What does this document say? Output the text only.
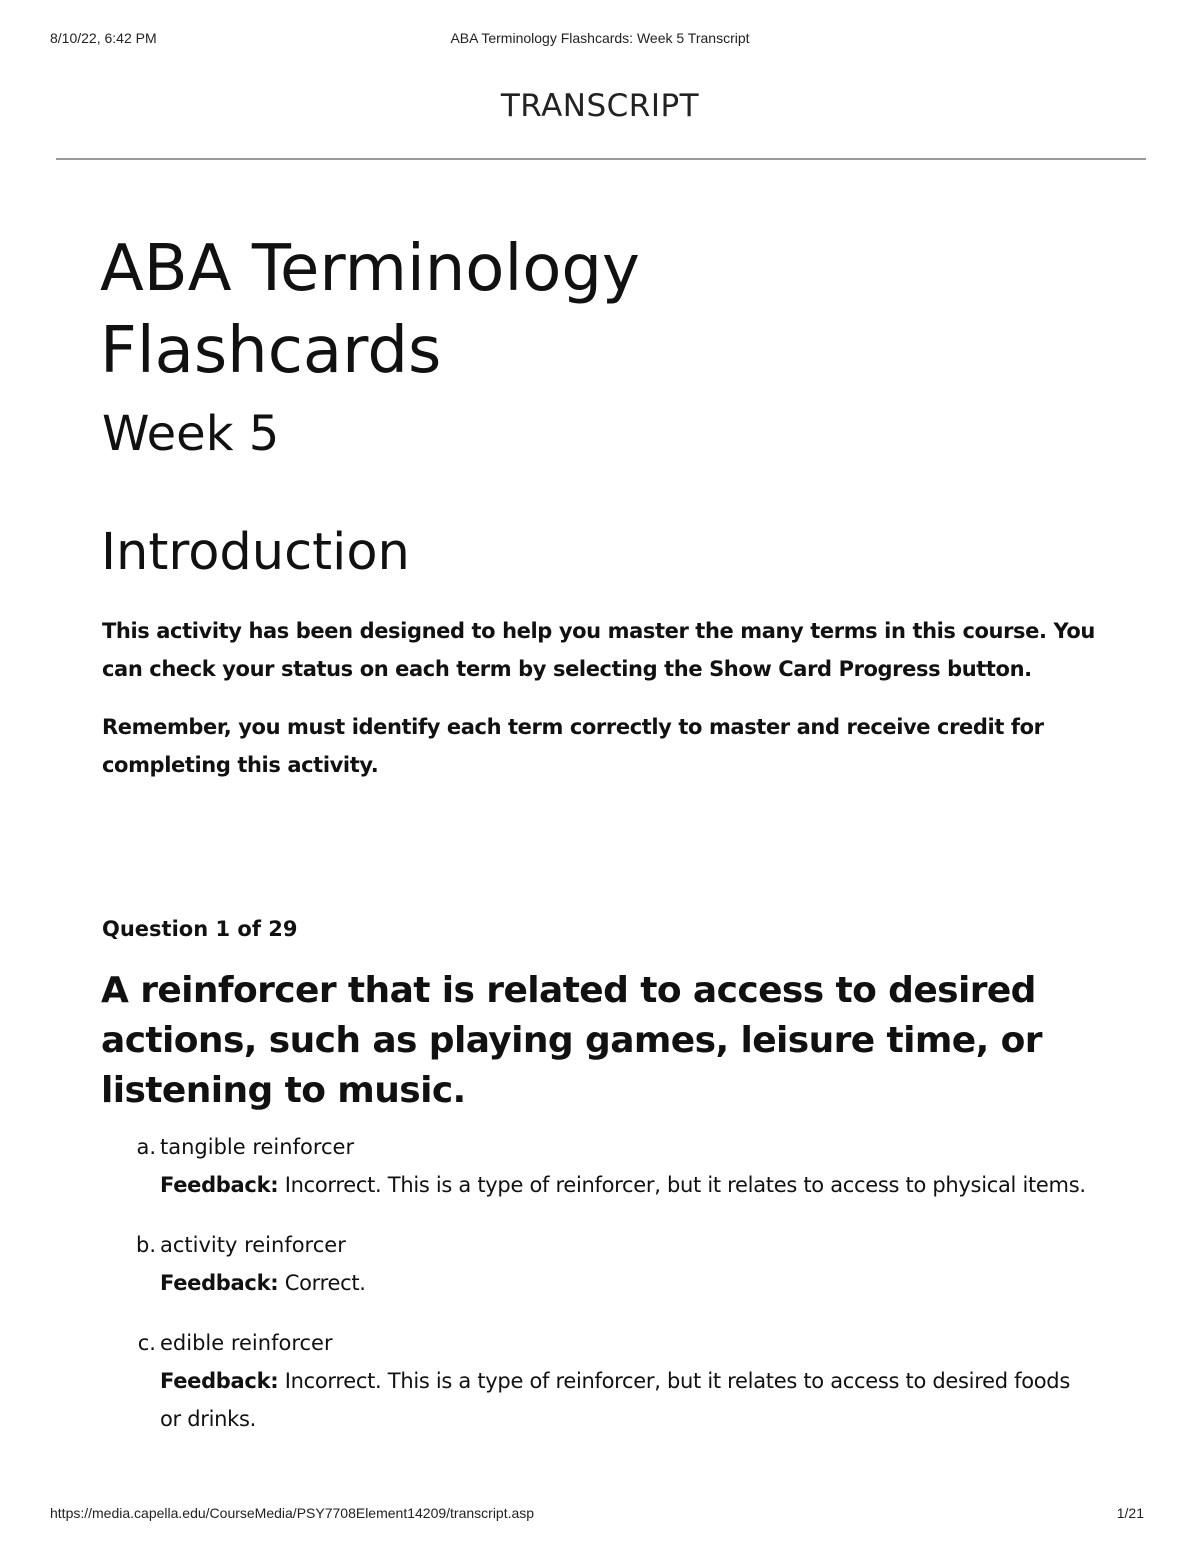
8/10/22, 6:42 PM	ABA Terminology Flashcards: Week 5 Transcript
TRANSCRIPT
ABA Terminology Flashcards
Week 5
Introduction

This activity has been designed to help you master the many terms in this course. You can check your status on each term by selecting the Show Card Progress button.

Remember, you must identify each term correctly to master and receive credit for completing this activity.

Question 1 of 29
A reinforcer that is related to access to desired actions, such as playing games, leisure time, or listening to music.
a. tangible reinforcer
Feedback: Incorrect. This is a type of reinforcer, but it relates to access to physical items.
b. activity reinforcer
Feedback: Correct.
c. edible reinforcer
Feedback: Incorrect. This is a type of reinforcer, but it relates to access to desired foods or drinks.
https://media.capella.edu/CourseMedia/PSY7708Element14209/transcript.asp	1/21
